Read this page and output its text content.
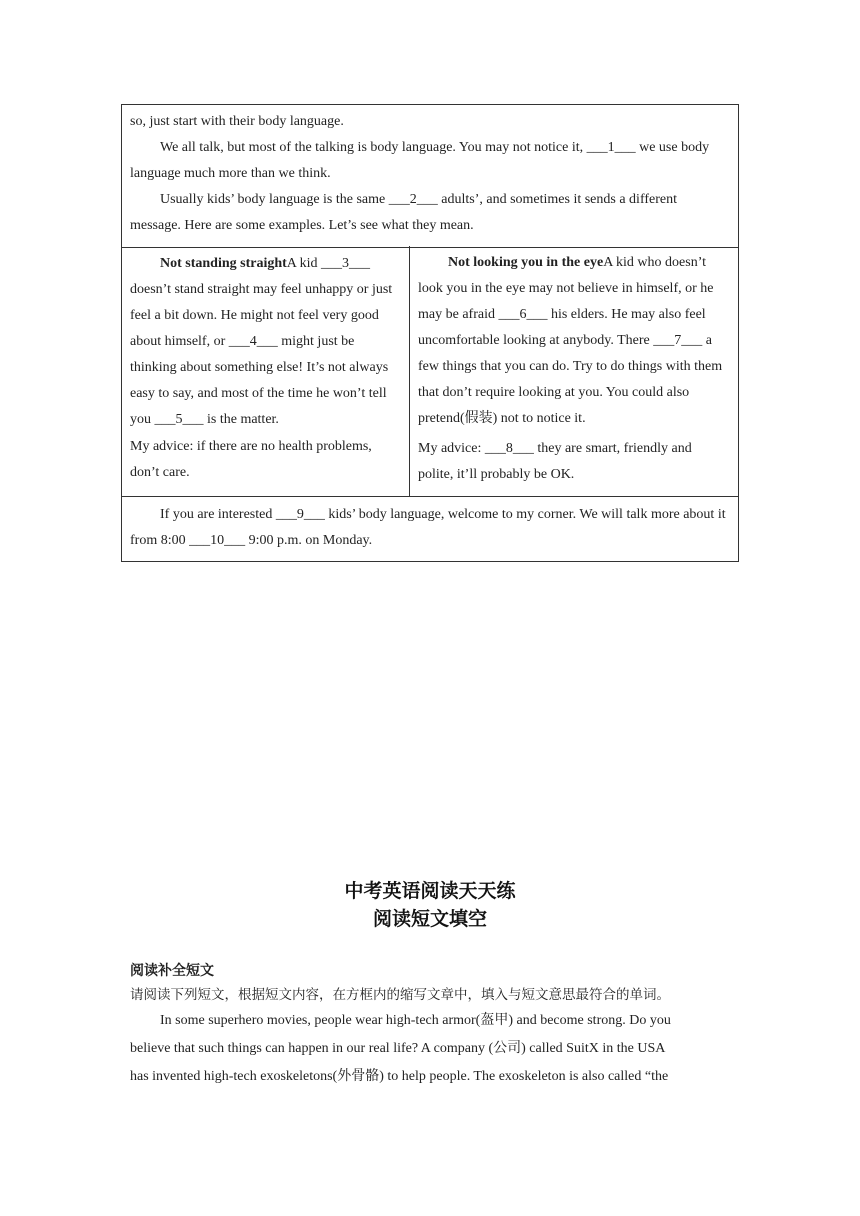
so, just start with their body language.
We all talk, but most of the talking is body language. You may not notice it, ___1___ we use body language much more than we think.
Usually kids’ body language is the same ___2___ adults’, and sometimes it sends a different message. Here are some examples. Let’s see what they mean.
Not standing straightA kid ___3___ doesn’t stand straight may feel unhappy or just feel a bit down. He might not feel very good about himself, or ___4___ might just be thinking about something else! It’s not always easy to say, and most of the time he won’t tell you ___5___ is the matter.
My advice: if there are no health problems, don’t care.
Not looking you in the eyeA kid who doesn’t look you in the eye may not believe in himself, or he may be afraid ___6___ his elders. He may also feel uncomfortable looking at anybody. There ___7___ a few things that you can do. Try to do things with them that don’t require looking at you. You could also pretend(假装) not to notice it.
My advice: ___8___ they are smart, friendly and polite, it’ll probably be OK.
If you are interested ___9___ kids’ body language, welcome to my corner. We will talk more about it from 8:00 ___10___ 9:00 p.m. on Monday.
中考英语阅读天天练
阅读短文填空
阅读补全短文
请阅读下列短文，根据短文内容，在方框内的缩写文章中，填入与短文意思最符合的单词。
In some superhero movies, people wear high-tech armor(盔甲) and become strong. Do you
believe that such things can happen in our real life? A company (公司) called SuitX in the USA
has invented high-tech exoskeletons(外骨骼) to help people. The exoskeleton is also called “the
